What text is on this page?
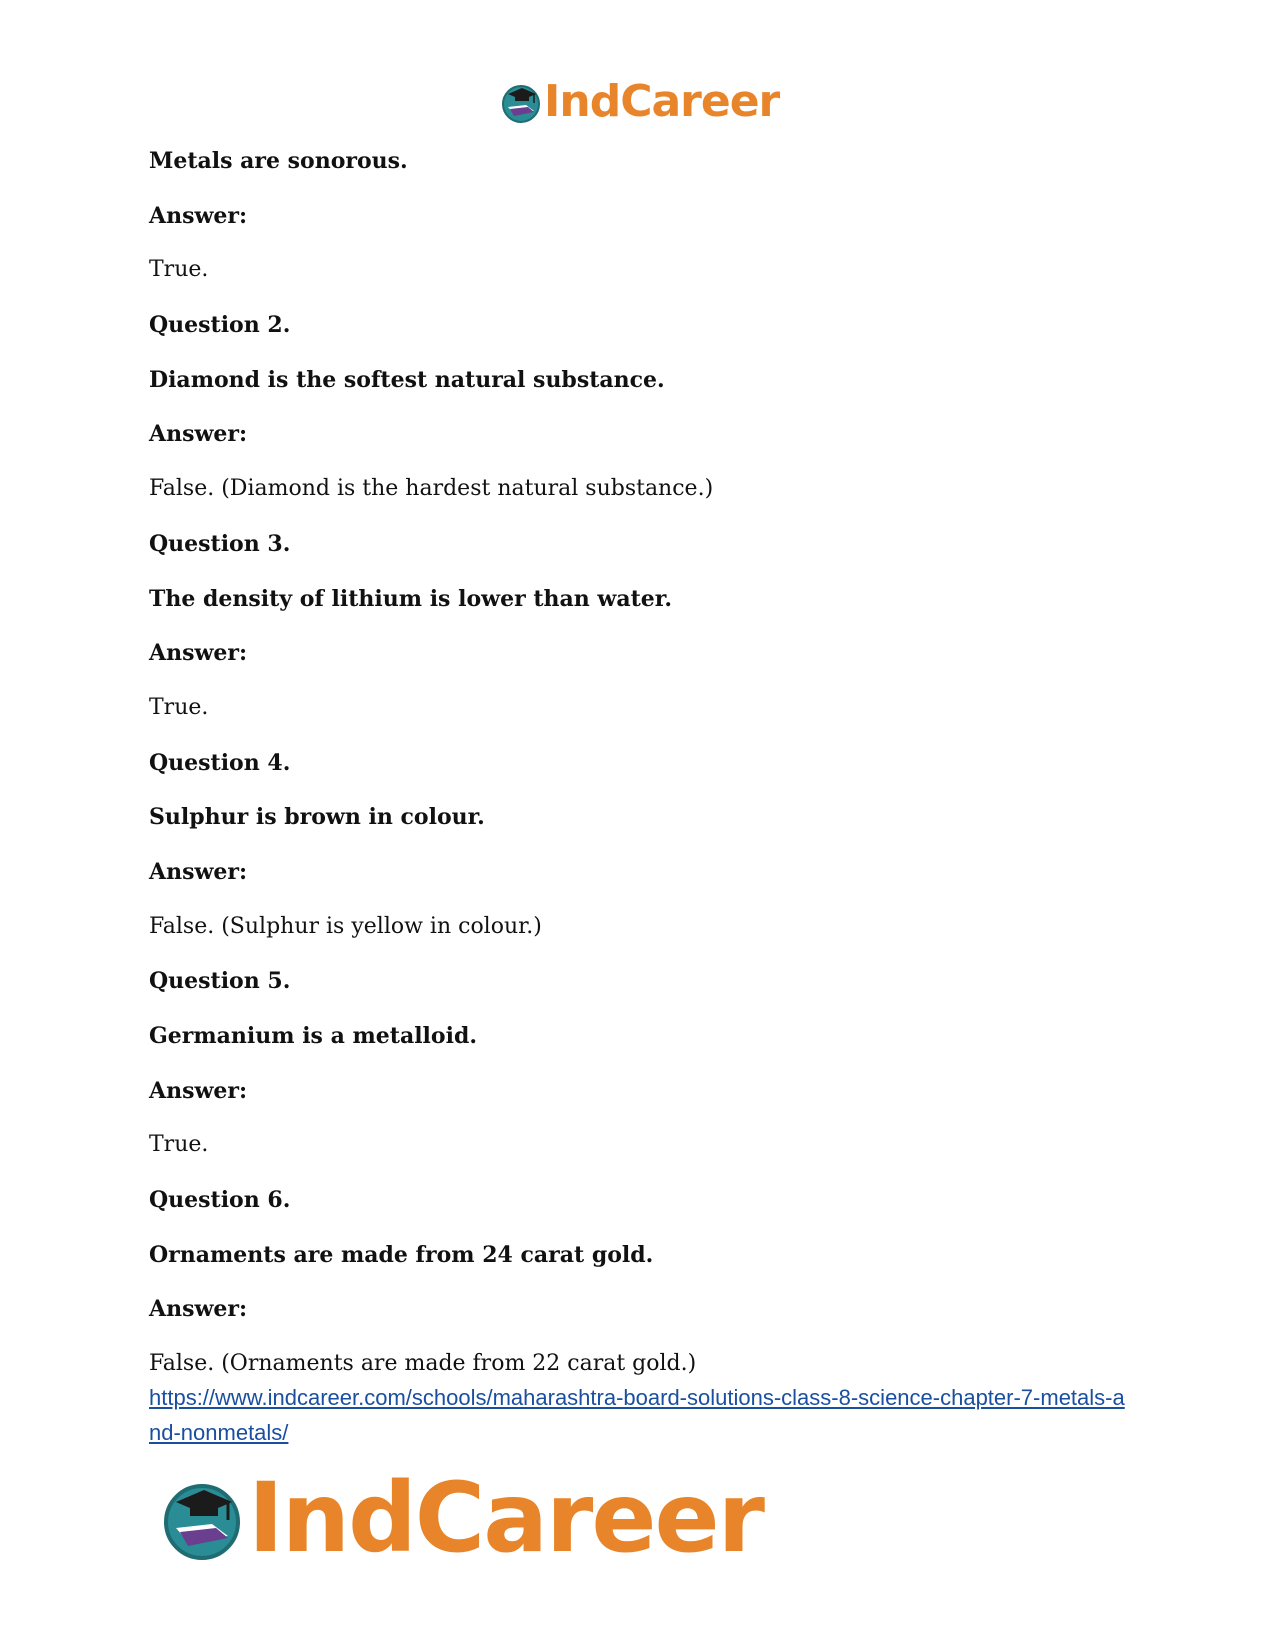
IndCareer
Metals are sonorous.
Answer:
True.
Question 2.
Diamond is the softest natural substance.
Answer:
False. (Diamond is the hardest natural substance.)
Question 3.
The density of lithium is lower than water.
Answer:
True.
Question 4.
Sulphur is brown in colour.
Answer:
False. (Sulphur is yellow in colour.)
Question 5.
Germanium is a metalloid.
Answer:
True.
Question 6.
Ornaments are made from 24 carat gold.
Answer:
False. (Ornaments are made from 22 carat gold.)
https://www.indcareer.com/schools/maharashtra-board-solutions-class-8-science-chapter-7-metals-and-nonmetals/
IndCareer
